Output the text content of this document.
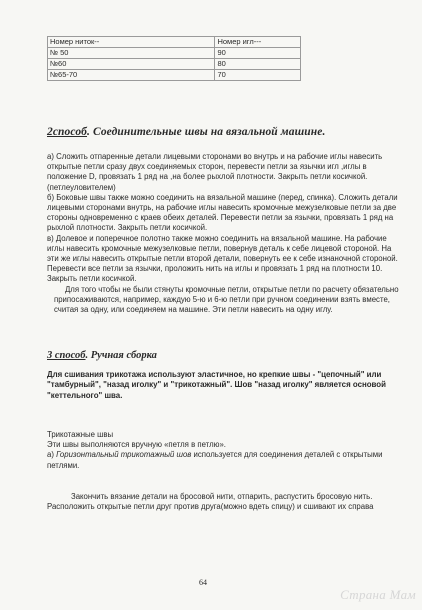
Номер ниток--	Номер игл---
№ 50	90
№60	80
№65-70	70
2способ. Соединительные швы на вязальной машине.

а) Сложить отпаренные детали лицевыми сторонами во внутрь и на рабочие иглы навесить открытые петли сразу двух соединяемых сторон, перевести петли за язычки игл ,иглы в положение D, провязать 1 ряд на ,на более рыхлой плотности. Закрыть петли косичкой.(петлеуловителем)

б) Боковые швы также можно соединить на вязальной машине (перед, спинка). Сложить детали лицевыми сторонами внутрь, на рабочие иглы навесить кромочные межузелковые петли за две стороны одновременно с краев обеих деталей. Перевести петли за язычки, провязать 1 ряд на рыхлой плотности. Закрыть петли косичкой.

в) Долевое и поперечное полотно также можно соединить на вязальной машине. На рабочие иглы навесить кромочные межузелковые петли, повернув деталь к себе лицевой стороной. На эти же иглы навесить открытые петли второй детали, повернуть ее к себе изнаночной стороной. Перевести все петли за язычки, проложить нить на иглы и провязать 1 ряд на плотности 10. Закрыть петли косичкой.

Для того чтобы не были стянуты кромочные петли, открытые петли по расчету обязательно припосаживаются, например, каждую 5-ю и 6-ю петли при ручном соединении взять вместе, считая за одну, или соединяем на машине. Эти петли навесить на одну иглу.

3 способ. Ручная сборка
Для сшивания трикотажа используют эластичное, но крепкие швы - "цепочный" или "тамбурный", "назад иголку" и "трикотажный". Шов "назад иголку" является основой "кеттельного" шва.

Трикотажные швы

Эти швы выполняются вручную «петля в петлю».

а) Горизонтальный трикотажный шов используется для соединения деталей с открытыми петлями.

Закончить вязание детали на бросовой нити, отпарить, распустить бросовую нить. Расположить открытые петли друг против друга(можно вдеть спицу) и сшивают их справа
64
Страна Мам
